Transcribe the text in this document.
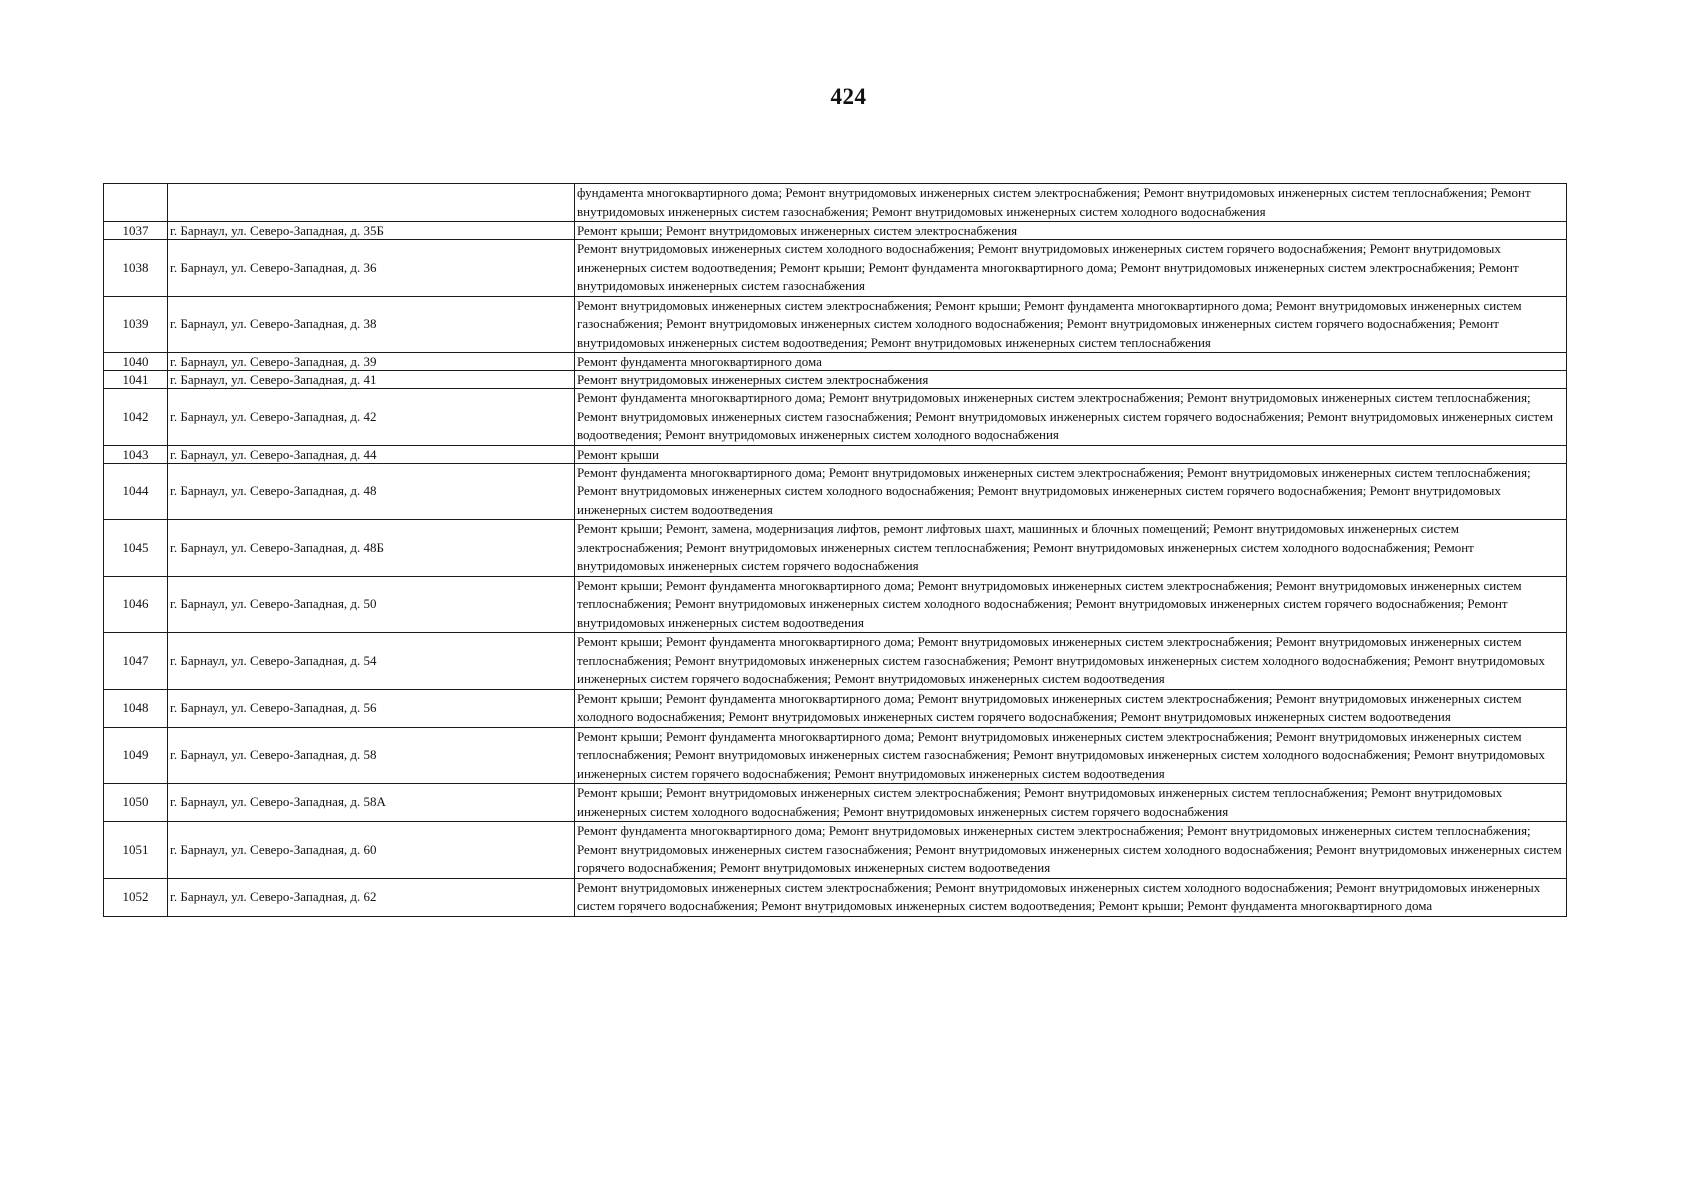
424
		фундамента многоквартирного дома; Ремонт внутридомовых инженерных систем электроснабжения; Ремонт внутридомовых инженерных систем теплоснабжения; Ремонт внутридомовых инженерных систем газоснабжения; Ремонт внутридомовых инженерных систем холодного водоснабжения
1037	г. Барнаул, ул. Северо-Западная, д. 35Б	Ремонт крыши; Ремонт внутридомовых инженерных систем электроснабжения
1038	г. Барнаул, ул. Северо-Западная, д. 36	Ремонт внутридомовых инженерных систем холодного водоснабжения; Ремонт внутридомовых инженерных систем горячего водоснабжения; Ремонт внутридомовых инженерных систем водоотведения; Ремонт крыши; Ремонт фундамента многоквартирного дома; Ремонт внутридомовых инженерных систем электроснабжения; Ремонт внутридомовых инженерных систем газоснабжения
1039	г. Барнаул, ул. Северо-Западная, д. 38	Ремонт внутридомовых инженерных систем электроснабжения; Ремонт крыши; Ремонт фундамента многоквартирного дома; Ремонт внутридомовых инженерных систем газоснабжения; Ремонт внутридомовых инженерных систем холодного водоснабжения; Ремонт внутридомовых инженерных систем горячего водоснабжения; Ремонт внутридомовых инженерных систем водоотведения; Ремонт внутридомовых инженерных систем теплоснабжения
1040	г. Барнаул, ул. Северо-Западная, д. 39	Ремонт фундамента многоквартирного дома
1041	г. Барнаул, ул. Северо-Западная, д. 41	Ремонт внутридомовых инженерных систем электроснабжения
1042	г. Барнаул, ул. Северо-Западная, д. 42	Ремонт фундамента многоквартирного дома; Ремонт внутридомовых инженерных систем электроснабжения; Ремонт внутридомовых инженерных систем теплоснабжения; Ремонт внутридомовых инженерных систем газоснабжения; Ремонт внутридомовых инженерных систем горячего водоснабжения; Ремонт внутридомовых инженерных систем водоотведения; Ремонт внутридомовых инженерных систем холодного водоснабжения
1043	г. Барнаул, ул. Северо-Западная, д. 44	Ремонт крыши
1044	г. Барнаул, ул. Северо-Западная, д. 48	Ремонт фундамента многоквартирного дома; Ремонт внутридомовых инженерных систем электроснабжения; Ремонт внутридомовых инженерных систем теплоснабжения; Ремонт внутридомовых инженерных систем холодного водоснабжения; Ремонт внутридомовых инженерных систем горячего водоснабжения; Ремонт внутридомовых инженерных систем водоотведения
1045	г. Барнаул, ул. Северо-Западная, д. 48Б	Ремонт крыши; Ремонт, замена, модернизация лифтов, ремонт лифтовых шахт, машинных и блочных помещений; Ремонт внутридомовых инженерных систем электроснабжения; Ремонт внутридомовых инженерных систем теплоснабжения; Ремонт внутридомовых инженерных систем холодного водоснабжения; Ремонт внутридомовых инженерных систем горячего водоснабжения
1046	г. Барнаул, ул. Северо-Западная, д. 50	Ремонт крыши; Ремонт фундамента многоквартирного дома; Ремонт внутридомовых инженерных систем электроснабжения; Ремонт внутридомовых инженерных систем теплоснабжения; Ремонт внутридомовых инженерных систем холодного водоснабжения; Ремонт внутридомовых инженерных систем горячего водоснабжения; Ремонт внутридомовых инженерных систем водоотведения
1047	г. Барнаул, ул. Северо-Западная, д. 54	Ремонт крыши; Ремонт фундамента многоквартирного дома; Ремонт внутридомовых инженерных систем электроснабжения; Ремонт внутридомовых инженерных систем теплоснабжения; Ремонт внутридомовых инженерных систем газоснабжения; Ремонт внутридомовых инженерных систем холодного водоснабжения; Ремонт внутридомовых инженерных систем горячего водоснабжения; Ремонт внутридомовых инженерных систем водоотведения
1048	г. Барнаул, ул. Северо-Западная, д. 56	Ремонт крыши; Ремонт фундамента многоквартирного дома; Ремонт внутридомовых инженерных систем электроснабжения; Ремонт внутридомовых инженерных систем холодного водоснабжения; Ремонт внутридомовых инженерных систем горячего водоснабжения; Ремонт внутридомовых инженерных систем водоотведения
1049	г. Барнаул, ул. Северо-Западная, д. 58	Ремонт крыши; Ремонт фундамента многоквартирного дома; Ремонт внутридомовых инженерных систем электроснабжения; Ремонт внутридомовых инженерных систем теплоснабжения; Ремонт внутридомовых инженерных систем газоснабжения; Ремонт внутридомовых инженерных систем холодного водоснабжения; Ремонт внутридомовых инженерных систем горячего водоснабжения; Ремонт внутридомовых инженерных систем водоотведения
1050	г. Барнаул, ул. Северо-Западная, д. 58А	Ремонт крыши; Ремонт внутридомовых инженерных систем электроснабжения; Ремонт внутридомовых инженерных систем теплоснабжения; Ремонт внутридомовых инженерных систем холодного водоснабжения; Ремонт внутридомовых инженерных систем горячего водоснабжения
1051	г. Барнаул, ул. Северо-Западная, д. 60	Ремонт фундамента многоквартирного дома; Ремонт внутридомовых инженерных систем электроснабжения; Ремонт внутридомовых инженерных систем теплоснабжения; Ремонт внутридомовых инженерных систем газоснабжения; Ремонт внутридомовых инженерных систем холодного водоснабжения; Ремонт внутридомовых инженерных систем горячего водоснабжения; Ремонт внутридомовых инженерных систем водоотведения
1052	г. Барнаул, ул. Северо-Западная, д. 62	Ремонт внутридомовых инженерных систем электроснабжения; Ремонт внутридомовых инженерных систем холодного водоснабжения; Ремонт внутридомовых инженерных систем горячего водоснабжения; Ремонт внутридомовых инженерных систем водоотведения; Ремонт крыши; Ремонт фундамента многоквартирного дома
